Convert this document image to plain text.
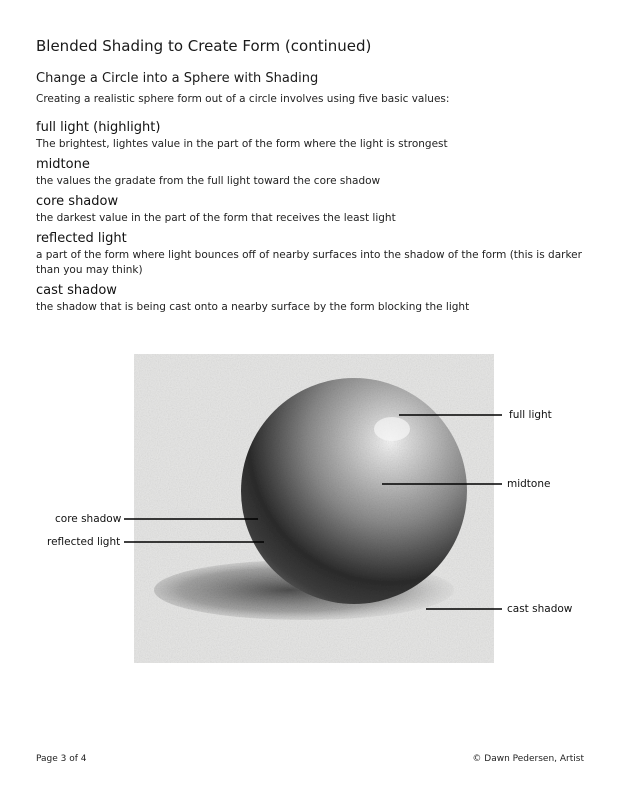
Blended Shading to Create Form (continued)
Change a Circle into a Sphere with Shading
Creating a realistic sphere form out of a circle involves using five basic values:
full light (highlight)
The brightest, lightes value in the part of the form where the light is strongest
midtone
the values the gradate from the full light toward the core shadow
core shadow
the darkest value in the part of the form that receives the least light
reflected light
a part of the form where light bounces off of nearby surfaces into the shadow of the form (this is darker than you may think)
cast shadow
the shadow that is being cast onto a nearby surface by the form blocking the light
full light
midtone
cast shadow
core shadow
reflected light
Page 3 of 4	© Dawn Pedersen, Artist
